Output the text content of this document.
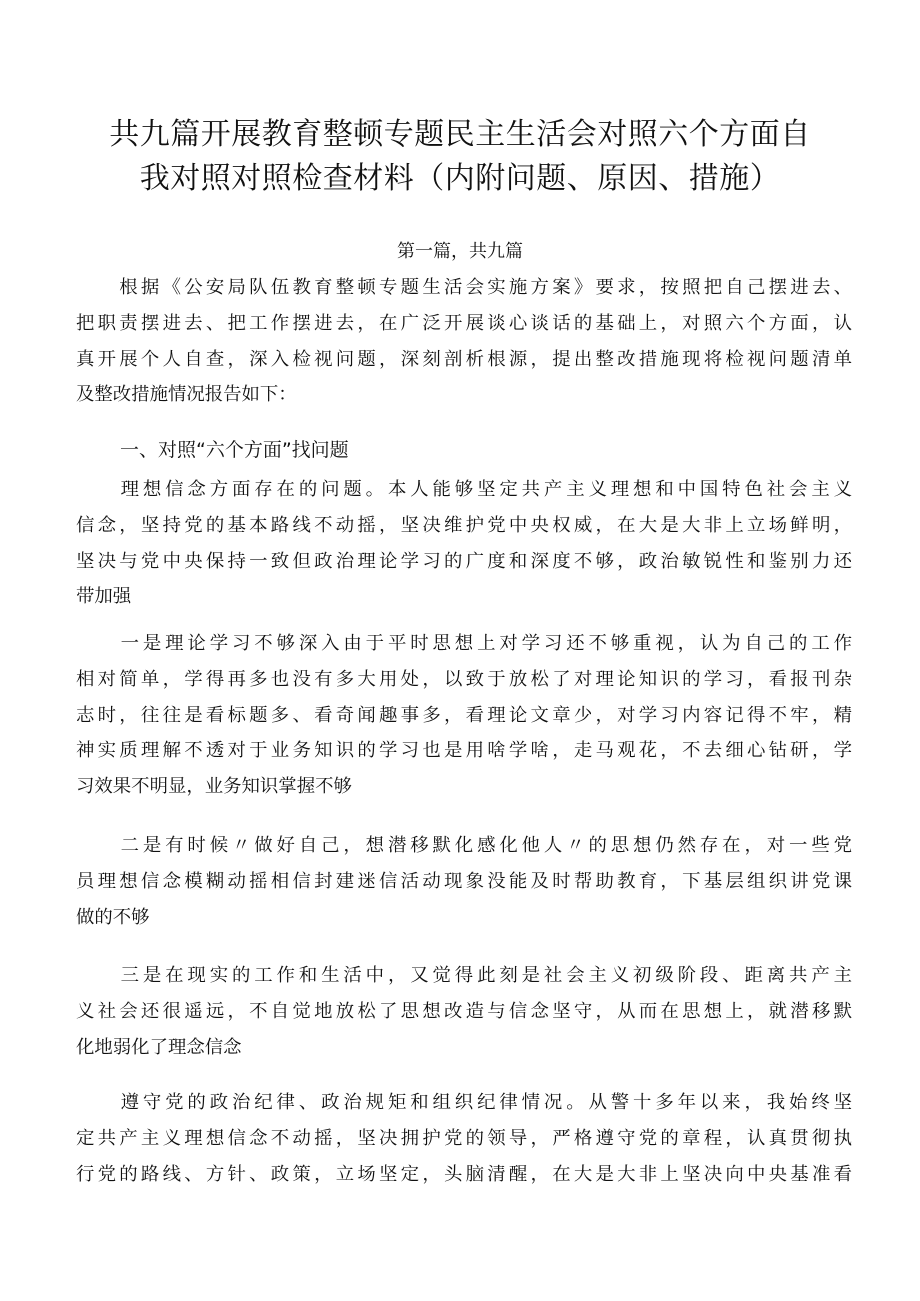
共九篇开展教育整顿专题民主生活会对照六个方面自
我对照对照检查材料（内附问题、原因、措施）
第一篇，共九篇
　　根据《公安局队伍教育整顿专题生活会实施方案》要求，按照把自己摆进去、
把职责摆进去、把工作摆进去，在广泛开展谈心谈话的基础上，对照六个方面，认
真开展个人自查，深入检视问题，深刻剖析根源，提出整改措施现将检视问题清单
及整改措施情况报告如下：
一、对照“六个方面”找问题
　　理想信念方面存在的问题。本人能够坚定共产主义理想和中国特色社会主义
信念，坚持党的基本路线不动摇，坚决维护党中央权威，在大是大非上立场鲜明，
坚决与党中央保持一致但政治理论学习的广度和深度不够，政治敏锐性和鉴别力还
带加强
　　一是理论学习不够深入由于平时思想上对学习还不够重视，认为自己的工作
相对简单，学得再多也没有多大用处，以致于放松了对理论知识的学习，看报刊杂
志时，往往是看标题多、看奇闻趣事多，看理论文章少，对学习内容记得不牢，精
神实质理解不透对于业务知识的学习也是用啥学啥，走马观花，不去细心钻研，学
习效果不明显，业务知识掌握不够
　　二是有时候〃做好自己，想潜移默化感化他人〃的思想仍然存在，对一些党
员理想信念模糊动摇相信封建迷信活动现象没能及时帮助教育，下基层组织讲党课
做的不够
　　三是在现实的工作和生活中，又觉得此刻是社会主义初级阶段、距离共产主
义社会还很遥远，不自觉地放松了思想改造与信念坚守，从而在思想上，就潜移默
化地弱化了理念信念
　　遵守党的政治纪律、政治规矩和组织纪律情况。从警十多年以来，我始终坚
定共产主义理想信念不动摇，坚决拥护党的领导，严格遵守党的章程，认真贯彻执
行党的路线、方针、政策，立场坚定，头脑清醒，在大是大非上坚决向中央基准看
